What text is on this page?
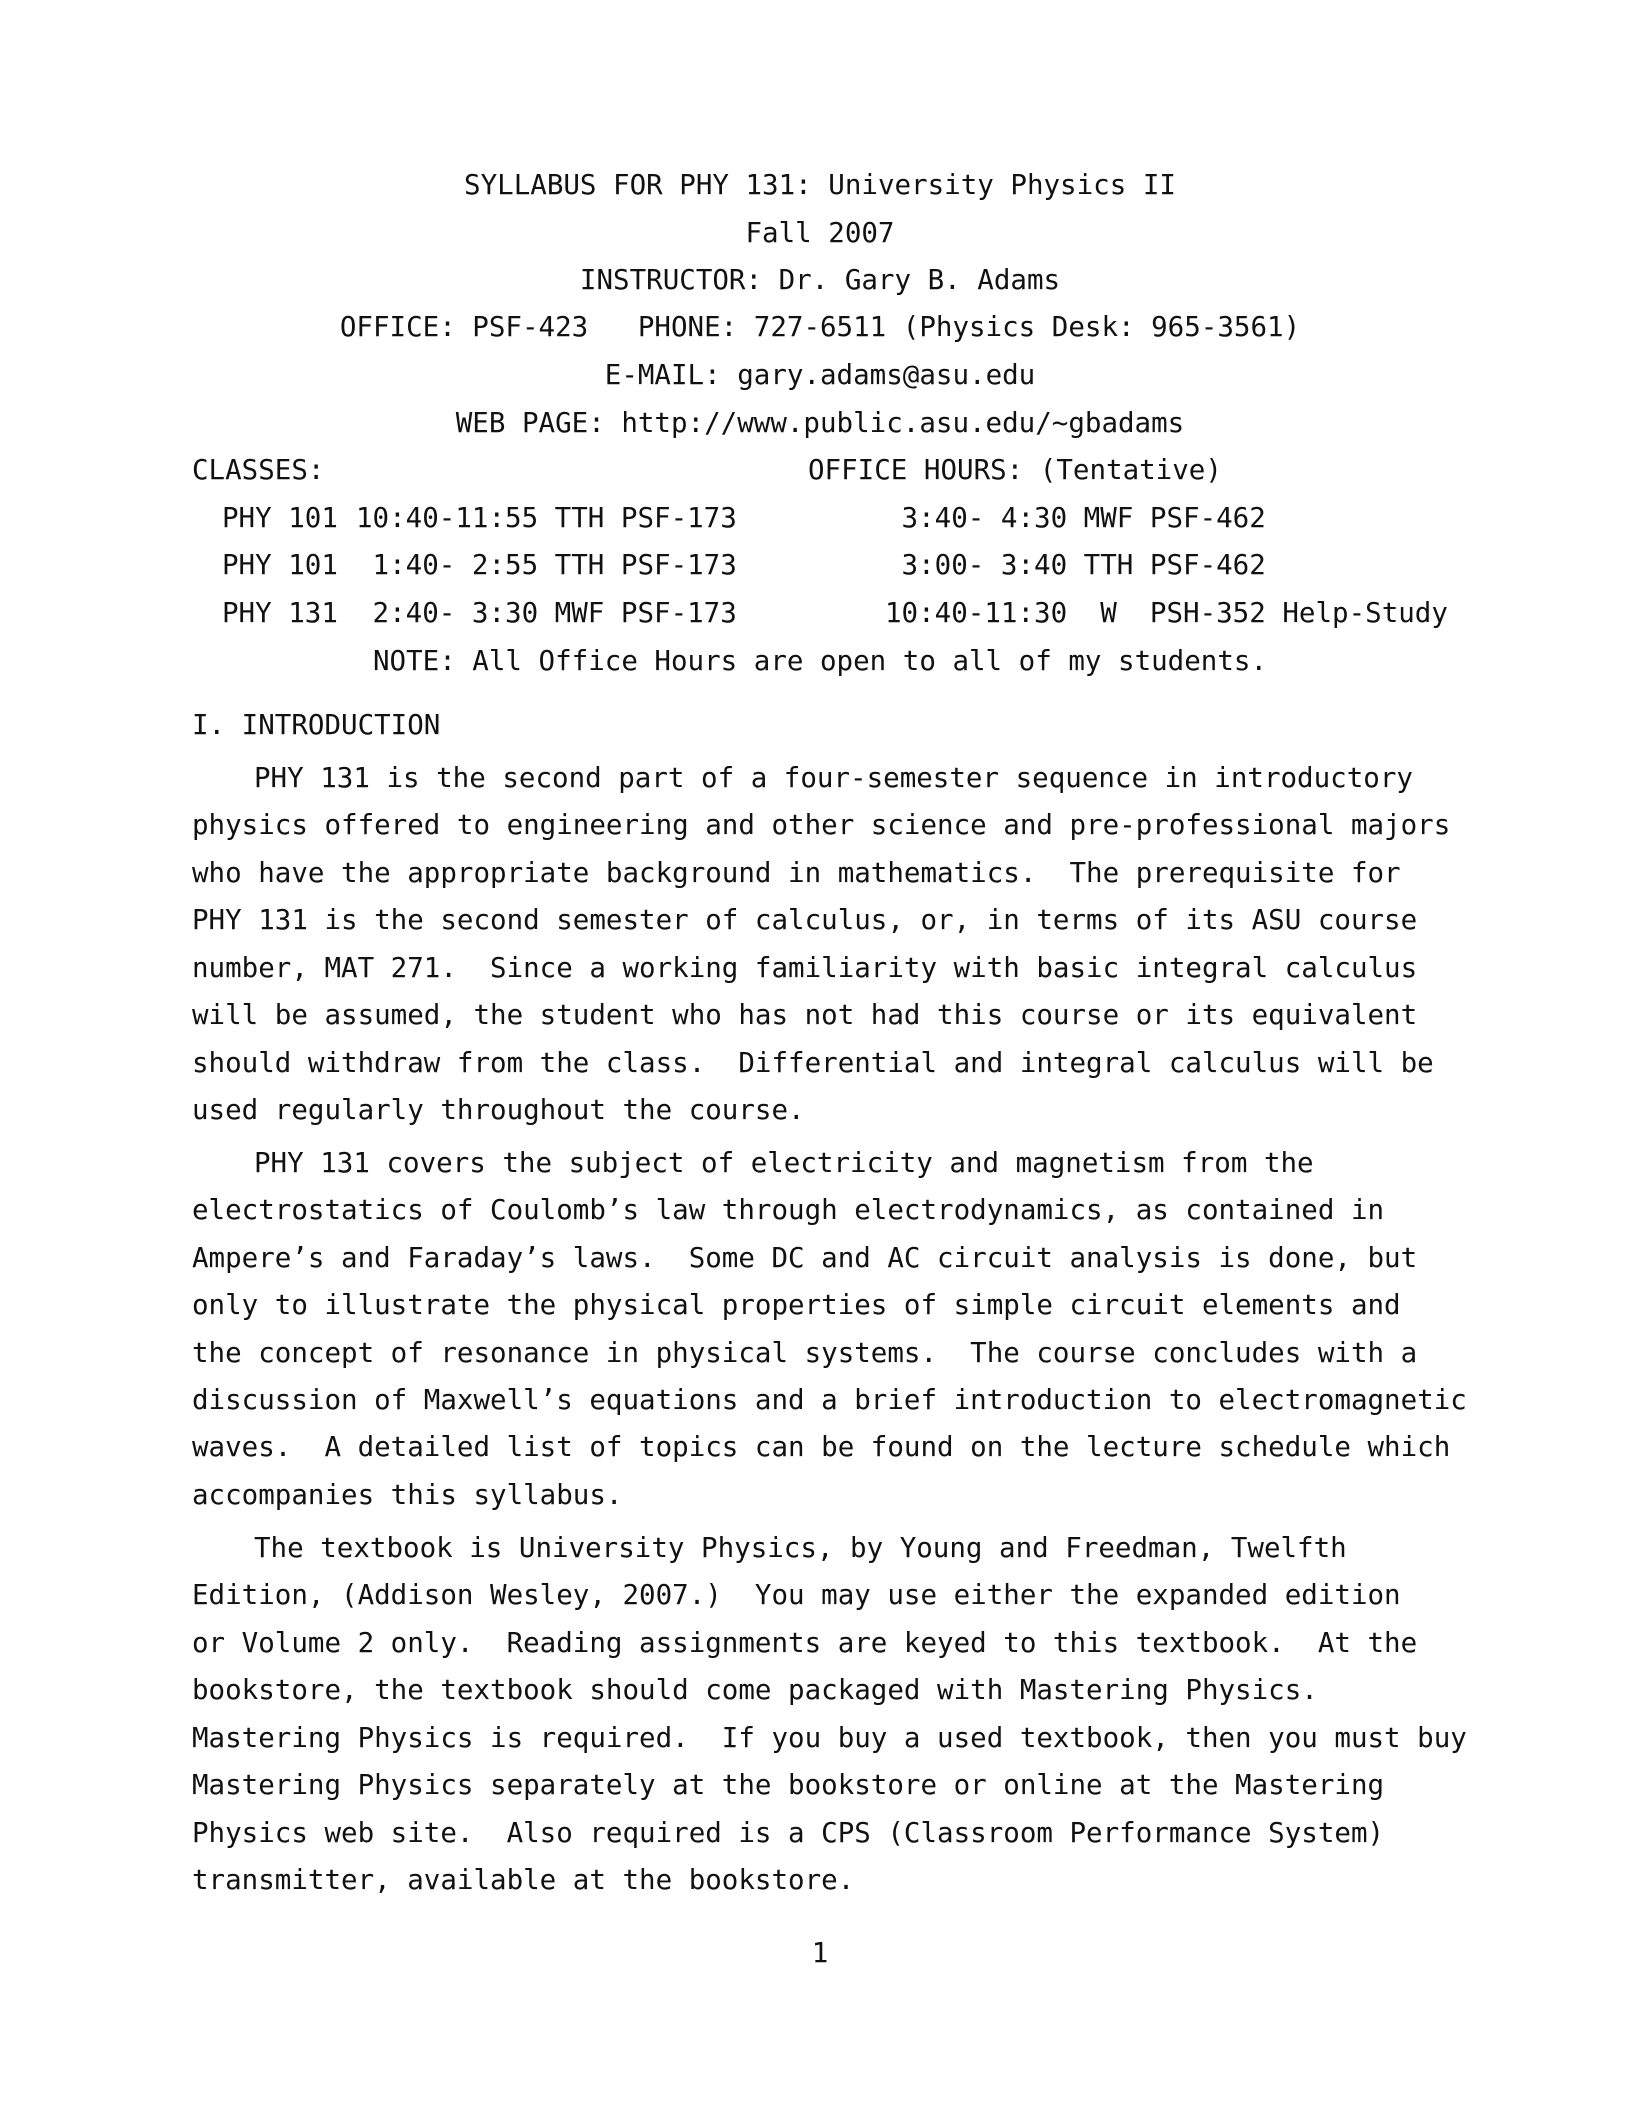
SYLLABUS FOR PHY 131: University Physics II
Fall 2007
INSTRUCTOR: Dr. Gary B. Adams
OFFICE: PSF-423   PHONE: 727-6511 (Physics Desk: 965-3561)
E-MAIL: gary.adams@asu.edu
WEB PAGE: http://www.public.asu.edu/~gbadams
CLASSES:	OFFICE HOURS: (Tentative)
PHY 101 10:40-11:55 TTH PSF-173
PHY 101 1:40- 2:55 TTH PSF-173
PHY 131 2:40- 3:30 MWF PSF-173
3:40- 4:30 MWF PSF-462
3:00- 3:40 TTH PSF-462
10:40-11:30  W  PSH-352 Help-Study
NOTE: All Office Hours are open to all of my students.
I. INTRODUCTION
PHY 131 is the second part of a four-semester sequence in introductory
physics offered to engineering and other science and pre-professional majors
who have the appropriate background in mathematics.  The prerequisite for
PHY 131 is the second semester of calculus, or, in terms of its ASU course
number, MAT 271.  Since a working familiarity with basic integral calculus
will be assumed, the student who has not had this course or its equivalent
should withdraw from the class.  Differential and integral calculus will be
used regularly throughout the course.
PHY 131 covers the subject of electricity and magnetism from the
electrostatics of Coulomb’s law through electrodynamics, as contained in
Ampere’s and Faraday’s laws.  Some DC and AC circuit analysis is done, but
only to illustrate the physical properties of simple circuit elements and
the concept of resonance in physical systems.  The course concludes with a
discussion of Maxwell’s equations and a brief introduction to electromagnetic
waves.  A detailed list of topics can be found on the lecture schedule which
accompanies this syllabus.
The textbook is University Physics, by Young and Freedman, Twelfth
Edition, (Addison Wesley, 2007.)  You may use either the expanded edition
or Volume 2 only.  Reading assignments are keyed to this textbook.  At the
bookstore, the textbook should come packaged with Mastering Physics.
Mastering Physics is required.  If you buy a used textbook, then you must buy
Mastering Physics separately at the bookstore or online at the Mastering
Physics web site.  Also required is a CPS (Classroom Performance System)
transmitter, available at the bookstore.
1
